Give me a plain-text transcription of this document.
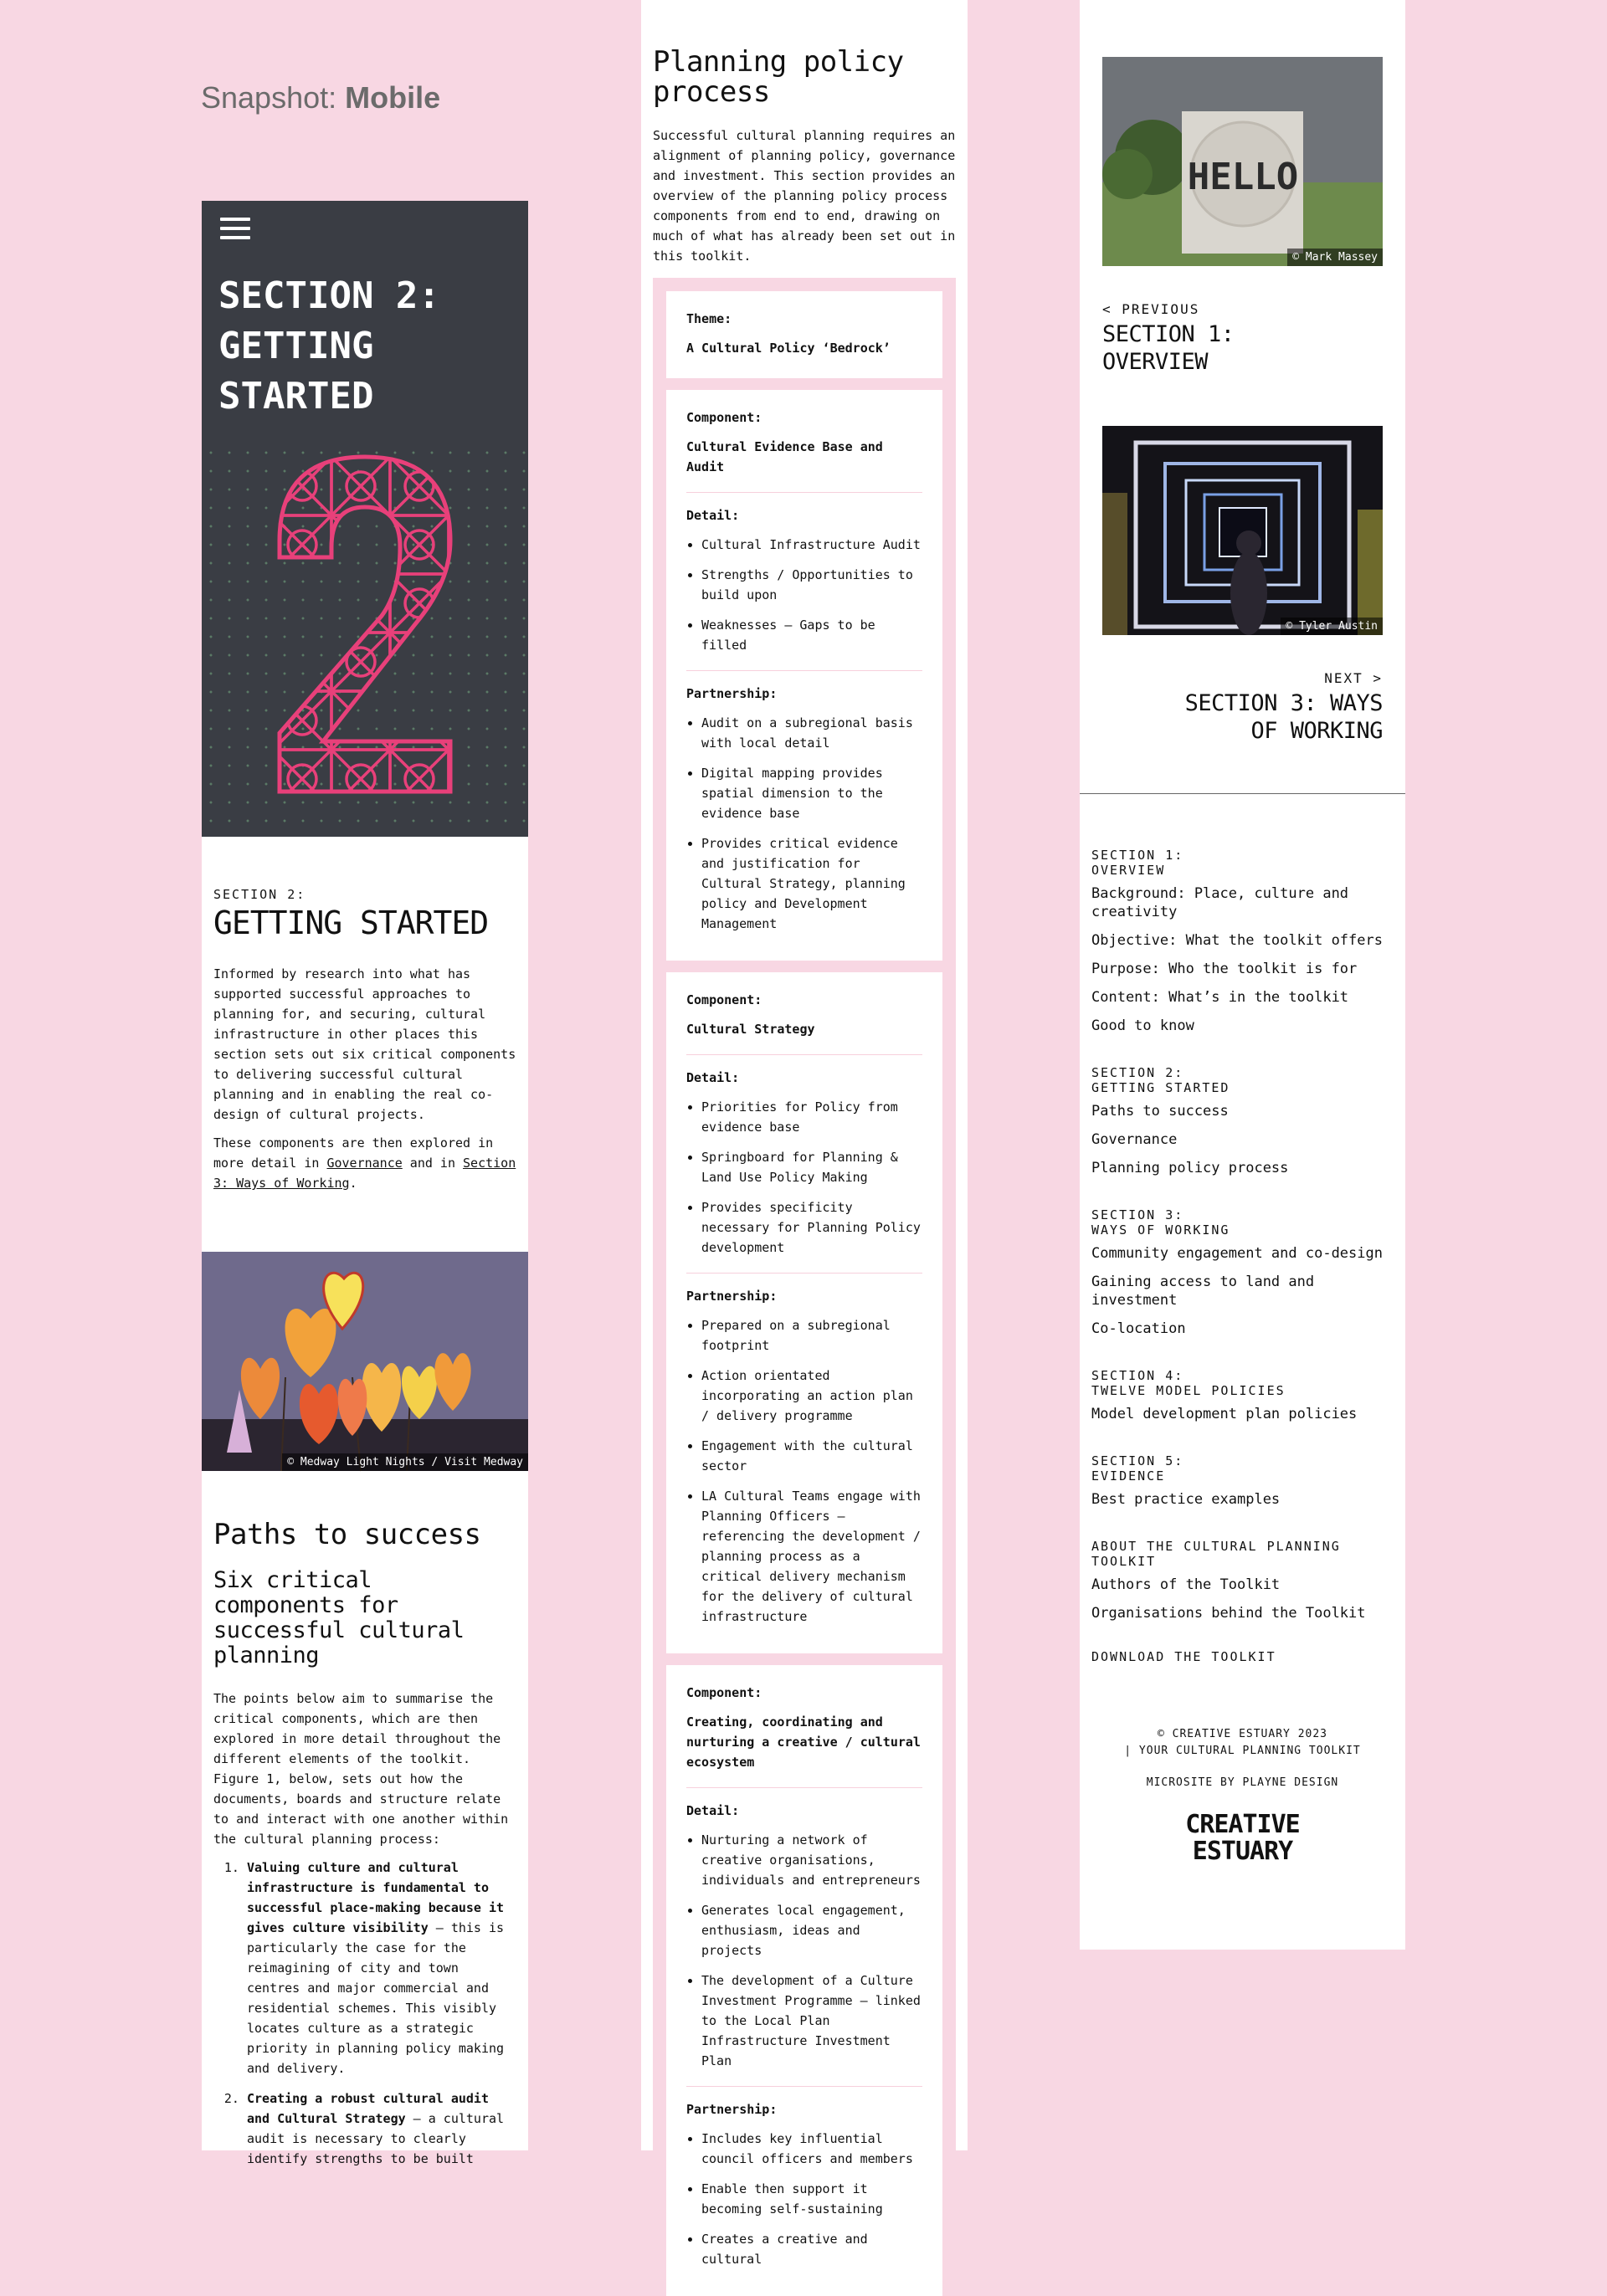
Snapshot: Mobile
SECTION 2: GETTING STARTED
SECTION 2:
GETTING STARTED

Informed by research into what has supported successful approaches to planning for, and securing, cultural infrastructure in other places this section sets out six critical components to delivering successful cultural planning and in enabling the real co-design of cultural projects.

These components are then explored in more detail in Governance and in Section 3: Ways of Working.

© Medway Light Nights / Visit Medway
Paths to success
Six critical components for successful cultural planning

The points below aim to summarise the critical components, which are then explored in more detail throughout the different elements of the toolkit. Figure 1, below, sets out how the documents, boards and structure relate to and interact with one another within the cultural planning process:

1. Valuing culture and cultural infrastructure is fundamental to successful place-making because it gives culture visibility – this is particularly the case for the reimagining of city and town centres and major commercial and residential schemes. This visibly locates culture as a strategic priority in planning policy making and delivery.
2. Creating a robust cultural audit and Cultural Strategy – a cultural audit is necessary to clearly identify strengths to be built
Planning policy process

Successful cultural planning requires an alignment of planning policy, governance and investment. This section provides an overview of the planning policy process components from end to end, drawing on much of what has already been set out in this toolkit.

Theme:
A Cultural Policy ‘Bedrock’
Component:
Cultural Evidence Base and Audit
Detail:
• Cultural Infrastructure Audit
• Strengths / Opportunities to build upon
• Weaknesses – Gaps to be filled
Partnership:
• Audit on a subregional basis with local detail
• Digital mapping provides spatial dimension to the evidence base
• Provides critical evidence and justification for Cultural Strategy, planning policy and Development Management
Component:
Cultural Strategy
Detail:
• Priorities for Policy from evidence base
• Springboard for Planning & Land Use Policy Making
• Provides specificity necessary for Planning Policy development
Partnership:
• Prepared on a subregional footprint
• Action orientated incorporating an action plan / delivery programme
• Engagement with the cultural sector
• LA Cultural Teams engage with Planning Officers – referencing the development / planning process as a critical delivery mechanism for the delivery of cultural infrastructure
Component:
Creating, coordinating and nurturing a creative / cultural ecosystem
Detail:
• Nurturing a network of creative organisations, individuals and entrepreneurs
• Generates local engagement, enthusiasm, ideas and projects
• The development of a Culture Investment Programme – linked to the Local Plan Infrastructure Investment Plan
Partnership:
• Includes key influential council officers and members
• Enable then support it becoming self-sustaining
• Creates a creative and cultural
HELLO
© Mark Massey
< PREVIOUS
SECTION 1: OVERVIEW
© Tyler Austin
NEXT >
SECTION 3: WAYS OF WORKING
SECTION 1:
OVERVIEW
Background: Place, culture and creativity
Objective: What the toolkit offers
Purpose: Who the toolkit is for
Content: What’s in the toolkit
Good to know
SECTION 2:
GETTING STARTED
Paths to success
Governance
Planning policy process
SECTION 3:
WAYS OF WORKING
Community engagement and co-design
Gaining access to land and investment
Co-location
SECTION 4:
TWELVE MODEL POLICIES
Model development plan policies
SECTION 5:
EVIDENCE
Best practice examples
ABOUT THE CULTURAL PLANNING TOOLKIT
Authors of the Toolkit
Organisations behind the Toolkit
DOWNLOAD THE TOOLKIT
© CREATIVE ESTUARY 2023
| YOUR CULTURAL PLANNING TOOLKIT
MICROSITE BY PLAYNE DESIGN
CREATIVE
ESTUARY
